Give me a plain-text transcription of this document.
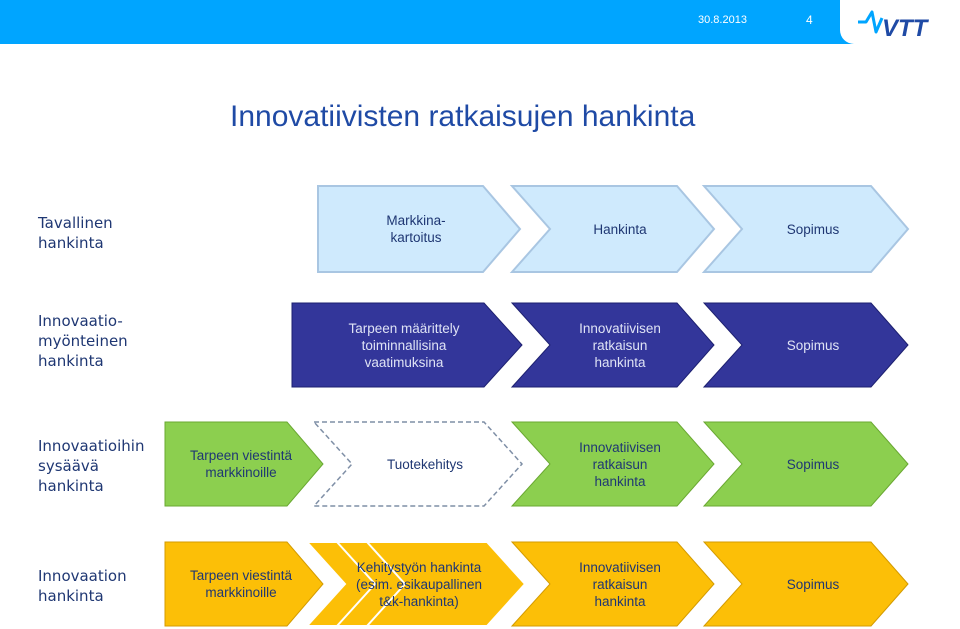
30.8.2013	4	VTT
Innovatiivisten ratkaisujen hankinta
Tavallinen
hankinta
Markkina-
kartoitus
Hankinta	Sopimus
Innovaatio-
myönteinen
hankinta
Tarpeen määrittely
toiminnallisina
vaatimuksina
Innovatiivisen
ratkaisun
hankinta
Sopimus
Innovaatioihin
sysäävä
hankinta
Tarpeen viestintä
markkinoille
Tuotekehitys
Innovatiivisen
ratkaisun
hankinta
Sopimus
Innovaation
hankinta
Tarpeen viestintä
markkinoille
Kehitystyön hankinta
(esim. esikaupallinen
t&k-hankinta)
Innovatiivisen
ratkaisun
hankinta
Sopimus
